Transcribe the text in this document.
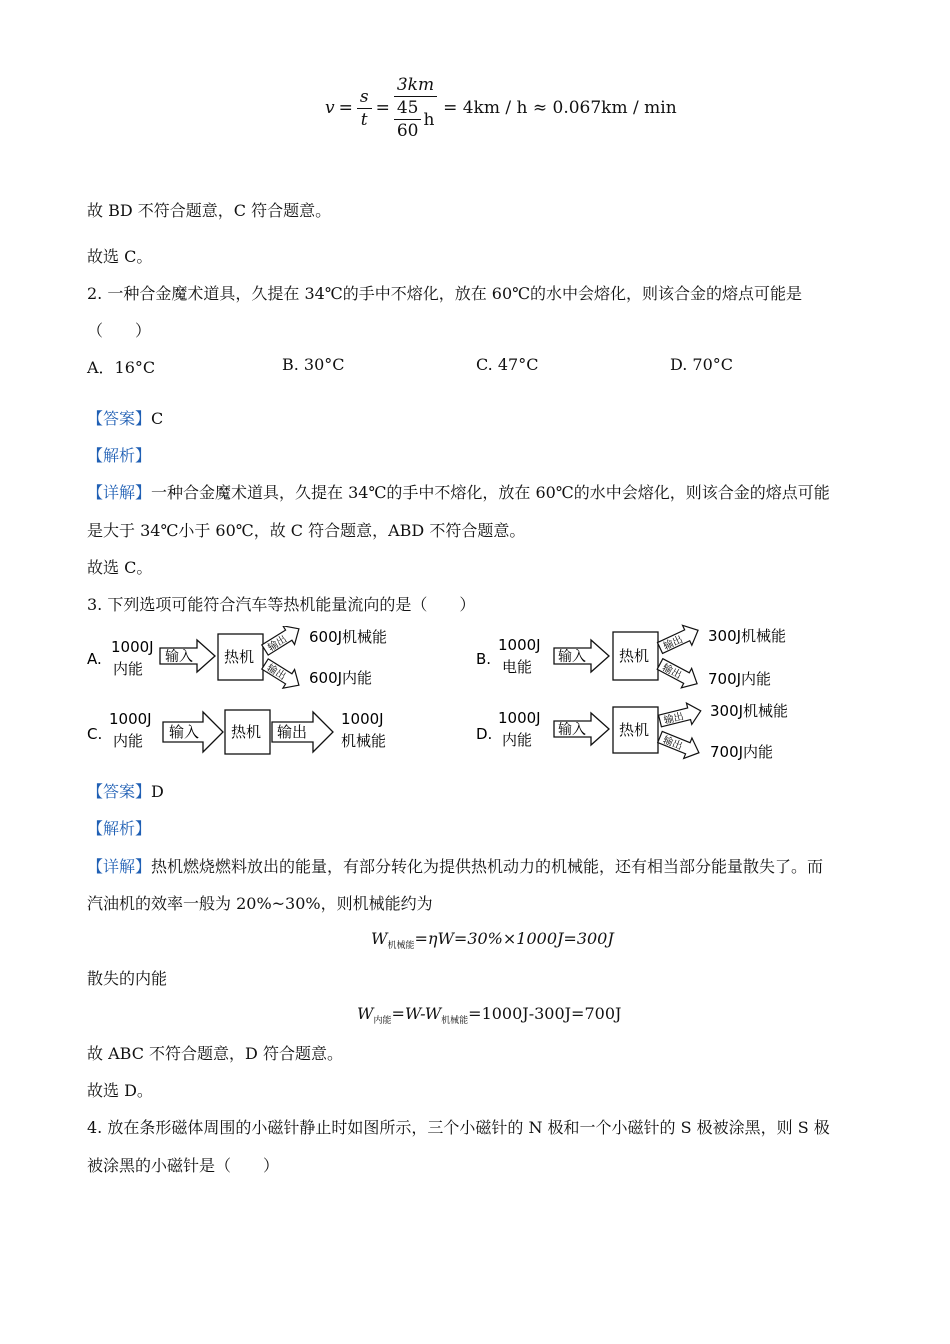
$v = \frac{s}{t} = \frac{3km}{\frac{45}{60} h} = 4km / h \approx 0.067km / \min$
故 BD 不符合题意，C 符合题意。
故选 C。
2. 一种合金魔术道具，久提在 34℃的手中不熔化，放在 60℃的水中会熔化，则该合金的熔点可能是
（　　）
A．16°C	B. 30°C	C. 47°C	D. 70°C
【答案】C
【解析】
【详解】一种合金魔术道具，久提在 34℃的手中不熔化，放在 60℃的水中会熔化，则该合金的熔点可能
是大于 34℃小于 60℃，故 C 符合题意，ABD 不符合题意。
故选 C。
3. 下列选项可能符合汽车等热机能量流向的是（　　）
A.
1000J
内能
输入 热机
输出
输出
600J机械能
600J内能
B.
1000J
电能
输入 热机
输出
输出
300J机械能
700J内能
C.
1000J
内能 输入 热机 输出
1000J
机械能	D.
1000J
内能
输入 热机
输出
输出
300J机械能
700J内能
【答案】D
【解析】
【详解】热机燃烧燃料放出的能量，有部分转化为提供热机动力的机械能，还有相当部分能量散失了。而
汽油机的效率一般为 20%~30%，则机械能约为
$W_{机械能}=\eta W=30\%\times 1000J=300J$
散失的内能
$W_{内能}=W-W_{机械能}=1000J-300J=700J$
故 ABC 不符合题意，D 符合题意。
故选 D。
4. 放在条形磁体周围的小磁针静止时如图所示，三个小磁针的 N 极和一个小磁针的 S 极被涂黑，则 S 极
被涂黑的小磁针是（　　）
